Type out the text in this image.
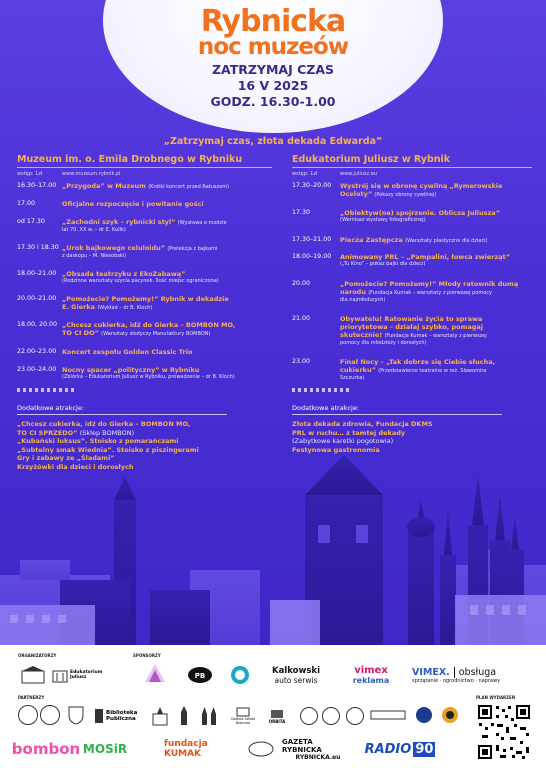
Rybnicka
noc muzeów
ZATRZYMAJ CZAS
16 V 2025
GODZ. 16.30-1.00
„Zatrzymaj czas, złota dekada Edwarda”
Muzeum im. o. Emila Drobnego w Rybniku
wstęp: 1zł	www.muzeum.rybnik.pl
16.30–17.00 „Przygoda” w Muzeum (Krótki koncert przed Ratuszem)
17.00	Oficjalne rozpoczęcie i powitanie gości
od 17.30	„Zachodni szyk – rybnicki styl” (Wystawa o modzie
lat 70. XX w. – dr E. Kulik)
17.30 i 18.30 „Urok bajkowego celuloidu” (Prelekcja z bajkami
z daskopu – M. Niesobski)
18.00–21.00 „Obsada teatrzyku z EkoZabawą”
(Rodzinne warsztaty szycia pacynek. Ilość miejsc ograniczona)
20.00–21.00 „Pomożecie? Pomożemy!” Rybnik w dekadzie
E. Gierka (Wykład – dr B. Kloch)
18.00, 20.00 „Chcesz cukierka, idź do Gierka – BOMBON MO,
TO CI DO” (Warsztaty słodyczy Manufaktury BOMBON)
22.00–23.00 Koncert zespołu Golden Classic Trio
23.00–24.00 Nocny spacer „polityczny” w Rybniku
(Zbiórka – Edukatorium Juliusz w Rybniku, prowadzenie – dr B. Kloch)
Dodatkowe atrakcje:
„Chcesz cukierka, idź do Gierka – BOMBON MO,
TO CI SPRZEDO” (Sklep BOMBON)
„Kubański luksus”. Stoisko z pomarańczami
„Subtelny smak Wiednia”. Stoisko z piszingerami
Gry i zabawy ze „Śladami”
Krzyżówki dla dzieci i dorosłych
Edukatorium Juliusz w Rybnik
wstęp: 1zł	www.juliusz.eu
17.30–20.00	Wystrój się w obronę cywilną „Rymerowskie
Oceloty” (Pokazy obrony cywilnej)
17.30	„Obiektyw(ne) spojrzenie. Oblicza Juliusza”
(Wernisaż wystawy fotograficznej)
17.30–21.00	Piecza Zastępcza (Warsztaty plastyczne dla dzieci)
18.00–19.00	Animowany PRL – „Pampalini, łowca zwierząt”
(„Tu Kino” – pokaz bajki dla dzieci)
20.00	„Pomożecie? Pomożemy!” Młody ratownik dumą
narodu (Fundacja Kumak – warsztaty z pierwszej pomocy
dla najmłodszych)
21.00	Obywatelu! Ratowanie życia to sprawa
priorytetowa – działaj szybko, pomagaj
skutecznie! (Fundacja Kumak – warsztaty z pierwszej
pomocy dla młodzieży i dorosłych)
23.00	Finał Nocy – „Tak dobrze się Ciebie słucha,
cukierku” (Przedstawienie teatralne w reż. Sławomira
Szczurka)
Dodatkowe atrakcje:
Złota dekada zdrowia, Fundacja DKMS
PRL w ruchu… z tamtej dekady
(Zabytkowe karetki pogotowia)
Festynowa gastronomia
ORGANIZATORZY	SPONSORZY
PARTNERZY	PLAN WYDARZEŃ
Edukatorium Juliusz	PB
Kalkowski
auto serwis
vimex
reklama
VIMEX. obsługa
sprzątanie · ogrodnictwo · naprawy
Biblioteka Publiczna	Galeria Sztuki Rzeczna	ORBITA
bombon MOSiR	fundacja KUMAK
GAZETA RYBNICKA
RYBNICKA.eu
RADIO 90
